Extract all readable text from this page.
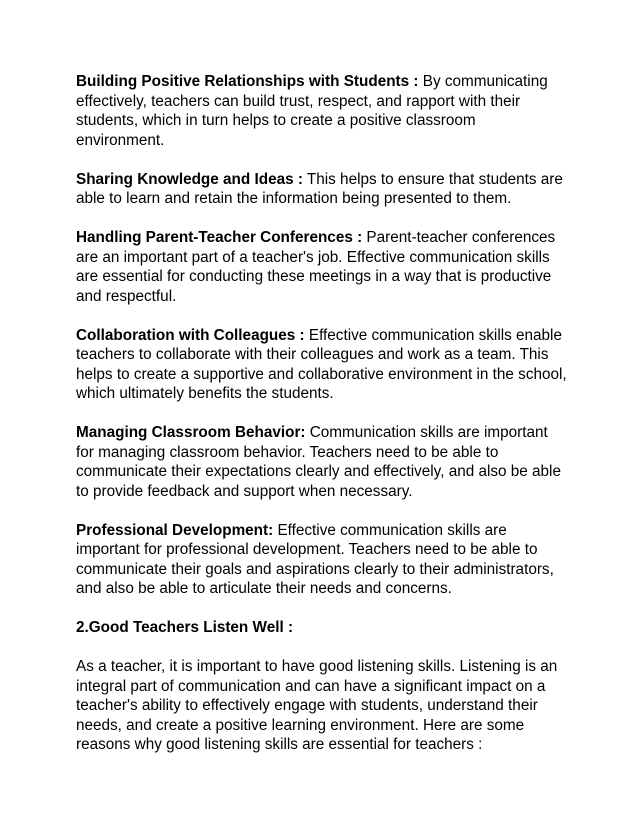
Building Positive Relationships with Students : By communicating effectively, teachers can build trust, respect, and rapport with their students, which in turn helps to create a positive classroom environment.

Sharing Knowledge and Ideas : This helps to ensure that students are able to learn and retain the information being presented to them.

Handling Parent-Teacher Conferences : Parent-teacher conferences are an important part of a teacher's job. Effective communication skills are essential for conducting these meetings in a way that is productive and respectful.

Collaboration with Colleagues : Effective communication skills enable teachers to collaborate with their colleagues and work as a team. This helps to create a supportive and collaborative environment in the school, which ultimately benefits the students.

Managing Classroom Behavior: Communication skills are important for managing classroom behavior. Teachers need to be able to communicate their expectations clearly and effectively, and also be able to provide feedback and support when necessary.

Professional Development: Effective communication skills are important for professional development. Teachers need to be able to communicate their goals and aspirations clearly to their administrators, and also be able to articulate their needs and concerns.

2.Good Teachers Listen Well :

As a teacher, it is important to have good listening skills. Listening is an integral part of communication and can have a significant impact on a teacher's ability to effectively engage with students, understand their needs, and create a positive learning environment. Here are some reasons why good listening skills are essential for teachers :
